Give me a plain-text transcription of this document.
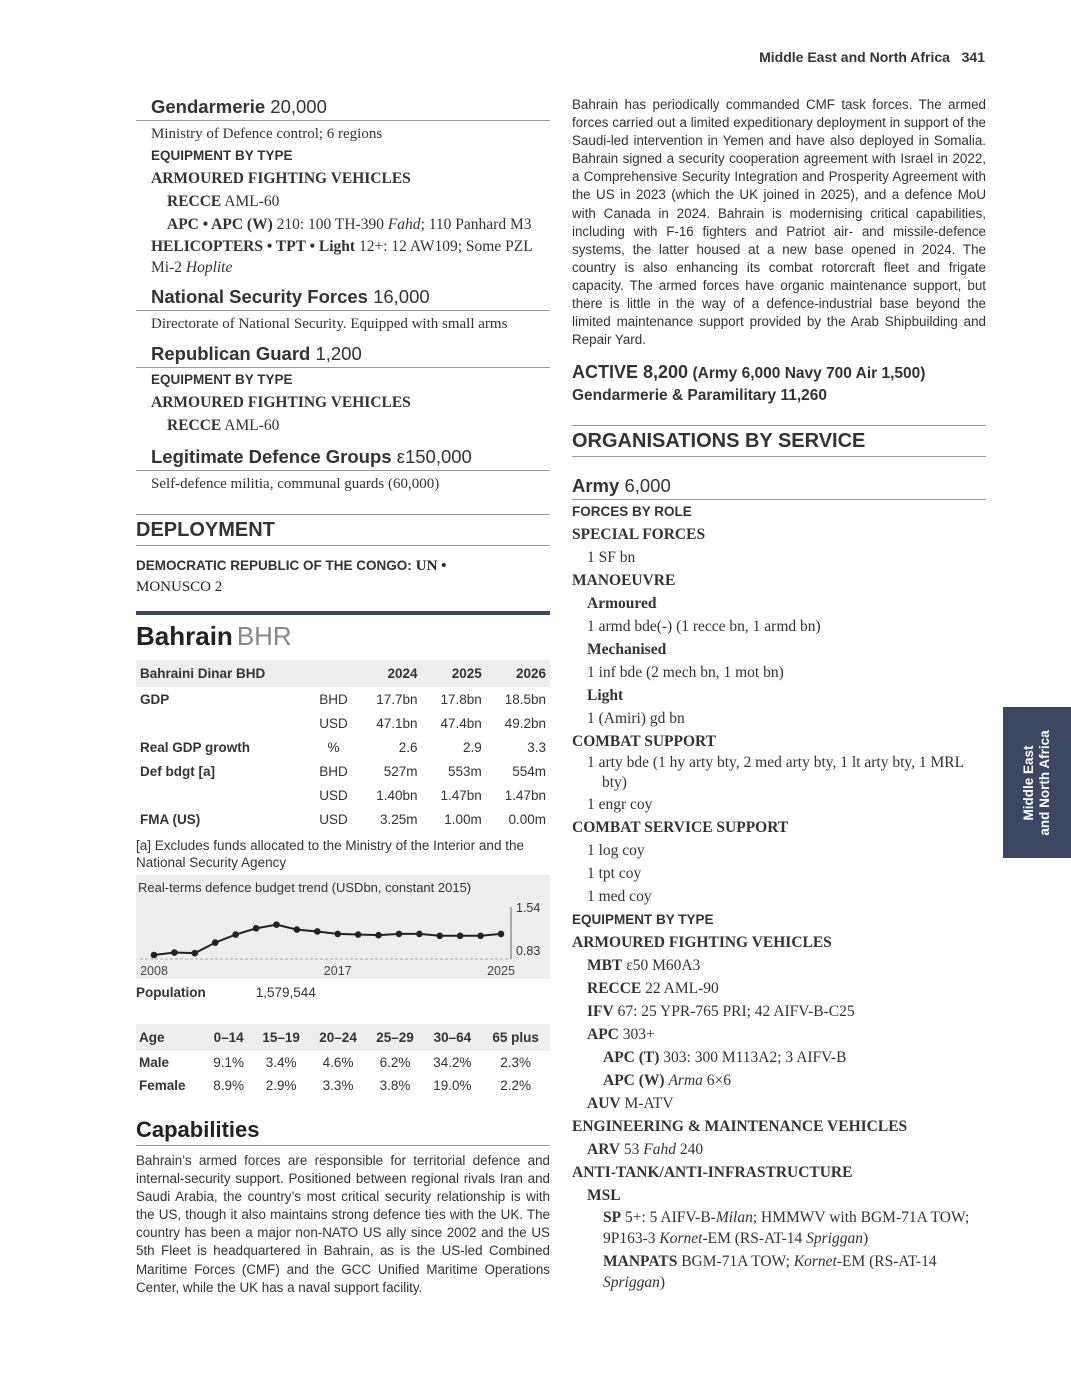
Middle East and North Africa 341
Gendarmerie 20,000
Ministry of Defence control; 6 regions
EQUIPMENT BY TYPE
ARMOURED FIGHTING VEHICLES
RECCE AML-60
APC • APC (W) 210: 100 TH-390 Fahd; 110 Panhard M3
HELICOPTERS • TPT • Light 12+: 12 AW109; Some PZL Mi-2 Hoplite
National Security Forces 16,000
Directorate of National Security. Equipped with small arms
Republican Guard 1,200
EQUIPMENT BY TYPE
ARMOURED FIGHTING VEHICLES
RECCE AML-60
Legitimate Defence Groups ε150,000
Self-defence militia, communal guards (60,000)
DEPLOYMENT
DEMOCRATIC REPUBLIC OF THE CONGO: UN •
MONUSCO 2
Bahrain BHR
Bahraini Dinar BHD		2024	2025	2026
GDP	BHD	17.7bn	17.8bn	18.5bn
	USD	47.1bn	47.4bn	49.2bn
Real GDP growth	%	2.6	2.9	3.3
Def bdgt [a]	BHD	527m	553m	554m
	USD	1.40bn	1.47bn	1.47bn
FMA (US)	USD	3.25m	1.00m	0.00m
[a] Excludes funds allocated to the Ministry of the Interior and the National Security Agency
Real-terms defence budget trend (USDbn, constant 2015)
1.54
0.83
2008	2017	2025
Population	1,579,544
Age	0–14	15–19	20–24	25–29	30–64	65 plus
Male	9.1%	3.4%	4.6%	6.2%	34.2%	2.3%
Female	8.9%	2.9%	3.3%	3.8%	19.0%	2.2%
Capabilities

Bahrain’s armed forces are responsible for territorial defence and internal-security support. Positioned between regional rivals Iran and Saudi Arabia, the country’s most critical security relationship is with the US, though it also maintains strong defence ties with the UK. The country has been a major non-NATO US ally since 2002 and the US 5th Fleet is headquartered in Bahrain, as is the US-led Combined Maritime Forces (CMF) and the GCC Unified Maritime Operations Center, while the UK has a naval support facility.

Bahrain has periodically commanded CMF task forces. The armed forces carried out a limited expeditionary deployment in support of the Saudi-led intervention in Yemen and have also deployed in Somalia. Bahrain signed a security cooperation agreement with Israel in 2022, a Comprehensive Security Integration and Prosperity Agreement with the US in 2023 (which the UK joined in 2025), and a defence MoU with Canada in 2024. Bahrain is modernising critical capabilities, including with F-16 fighters and Patriot air- and missile-defence systems, the latter housed at a new base opened in 2024. The country is also enhancing its combat rotorcraft fleet and frigate capacity. The armed forces have organic maintenance support, but there is little in the way of a defence-industrial base beyond the limited maintenance support provided by the Arab Shipbuilding and Repair Yard.

ACTIVE 8,200 (Army 6,000 Navy 700 Air 1,500)
Gendarmerie & Paramilitary 11,260
ORGANISATIONS BY SERVICE
Army 6,000
FORCES BY ROLE
SPECIAL FORCES
1 SF bn
MANOEUVRE
Armoured
1 armd bde(-) (1 recce bn, 1 armd bn)
Mechanised
1 inf bde (2 mech bn, 1 mot bn)
Light
1 (Amiri) gd bn
COMBAT SUPPORT
1 arty bde (1 hy arty bty, 2 med arty bty, 1 lt arty bty, 1 MRL bty)
1 engr coy
COMBAT SERVICE SUPPORT
1 log coy
1 tpt coy
1 med coy
EQUIPMENT BY TYPE
ARMOURED FIGHTING VEHICLES
MBT ε50 M60A3
RECCE 22 AML-90
IFV 67: 25 YPR-765 PRI; 42 AIFV-B-C25
APC 303+
APC (T) 303: 300 M113A2; 3 AIFV-B
APC (W) Arma 6×6
AUV M-ATV
ENGINEERING & MAINTENANCE VEHICLES
ARV 53 Fahd 240
ANTI-TANK/ANTI-INFRASTRUCTURE
MSL
SP 5+: 5 AIFV-B-Milan; HMMWV with BGM-71A TOW; 9P163-3 Kornet-EM (RS-AT-14 Spriggan)
MANPATS BGM-71A TOW; Kornet-EM (RS-AT-14 Spriggan)
Middle East
and North Africa
